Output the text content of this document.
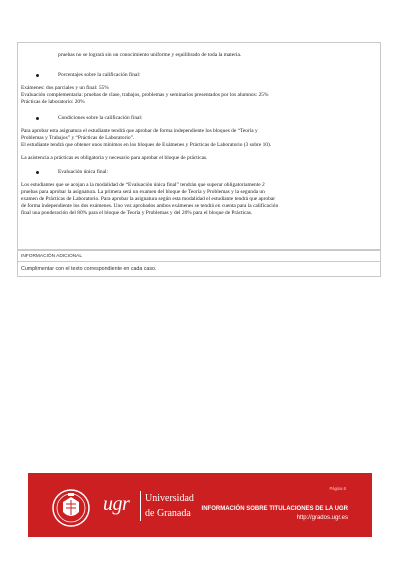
pruebas no se logrará sin un conocimiento uniforme y equilibrado de toda la materia.
Porcentajes sobre la calificación final:
Exámenes: dos parciales y un final: 55%
Evaluación complementaria: pruebas de clase, trabajos, problemas y seminarios presentados por los alumnos: 25%
Prácticas de laboratorio: 20%
Condiciones sobre la calificación final:
Para aprobar esta asignatura el estudiante tendrá que aprobar de forma independiente los bloques de “Teoría y
Problemas y Trabajos” y “Prácticas de Laboratorio”.
El estudiante tendrá que obtener unos mínimos en los bloques de Exámenes y Prácticas de Laboratorio (3 sobre 10).
La asistencia a prácticas es obligatoria y necesario para aprobar el bloque de prácticas.
Evaluación única final:
Los estudiantes que se acojan a la modalidad de “Evaluación única final” tendrán que superar obligatoriamente 2
pruebas para aprobar la asignatura. La primera será un examen del bloque de Teoría y Problemas y la segunda un
examen de Prácticas de Laboratorio. Para aprobar la asignatura según esta modalidad el estudiante tendrá que aprobar
de forma independiente los dos exámenes. Uno vez aprobados ambos exámenes se tendrá en cuenta para la calificación
final una ponderación del 80% para el bloque de Teoría y Problemas y del 20% para el bloque de Prácticas.
INFORMACIÓN ADICIONAL
Cumplimentar con el texto correspondiente en cada caso.
ugr Universidad
de Granada
Página 6
INFORMACIÓN SOBRE TITULACIONES DE LA UGR
http://grados.ugr.es
